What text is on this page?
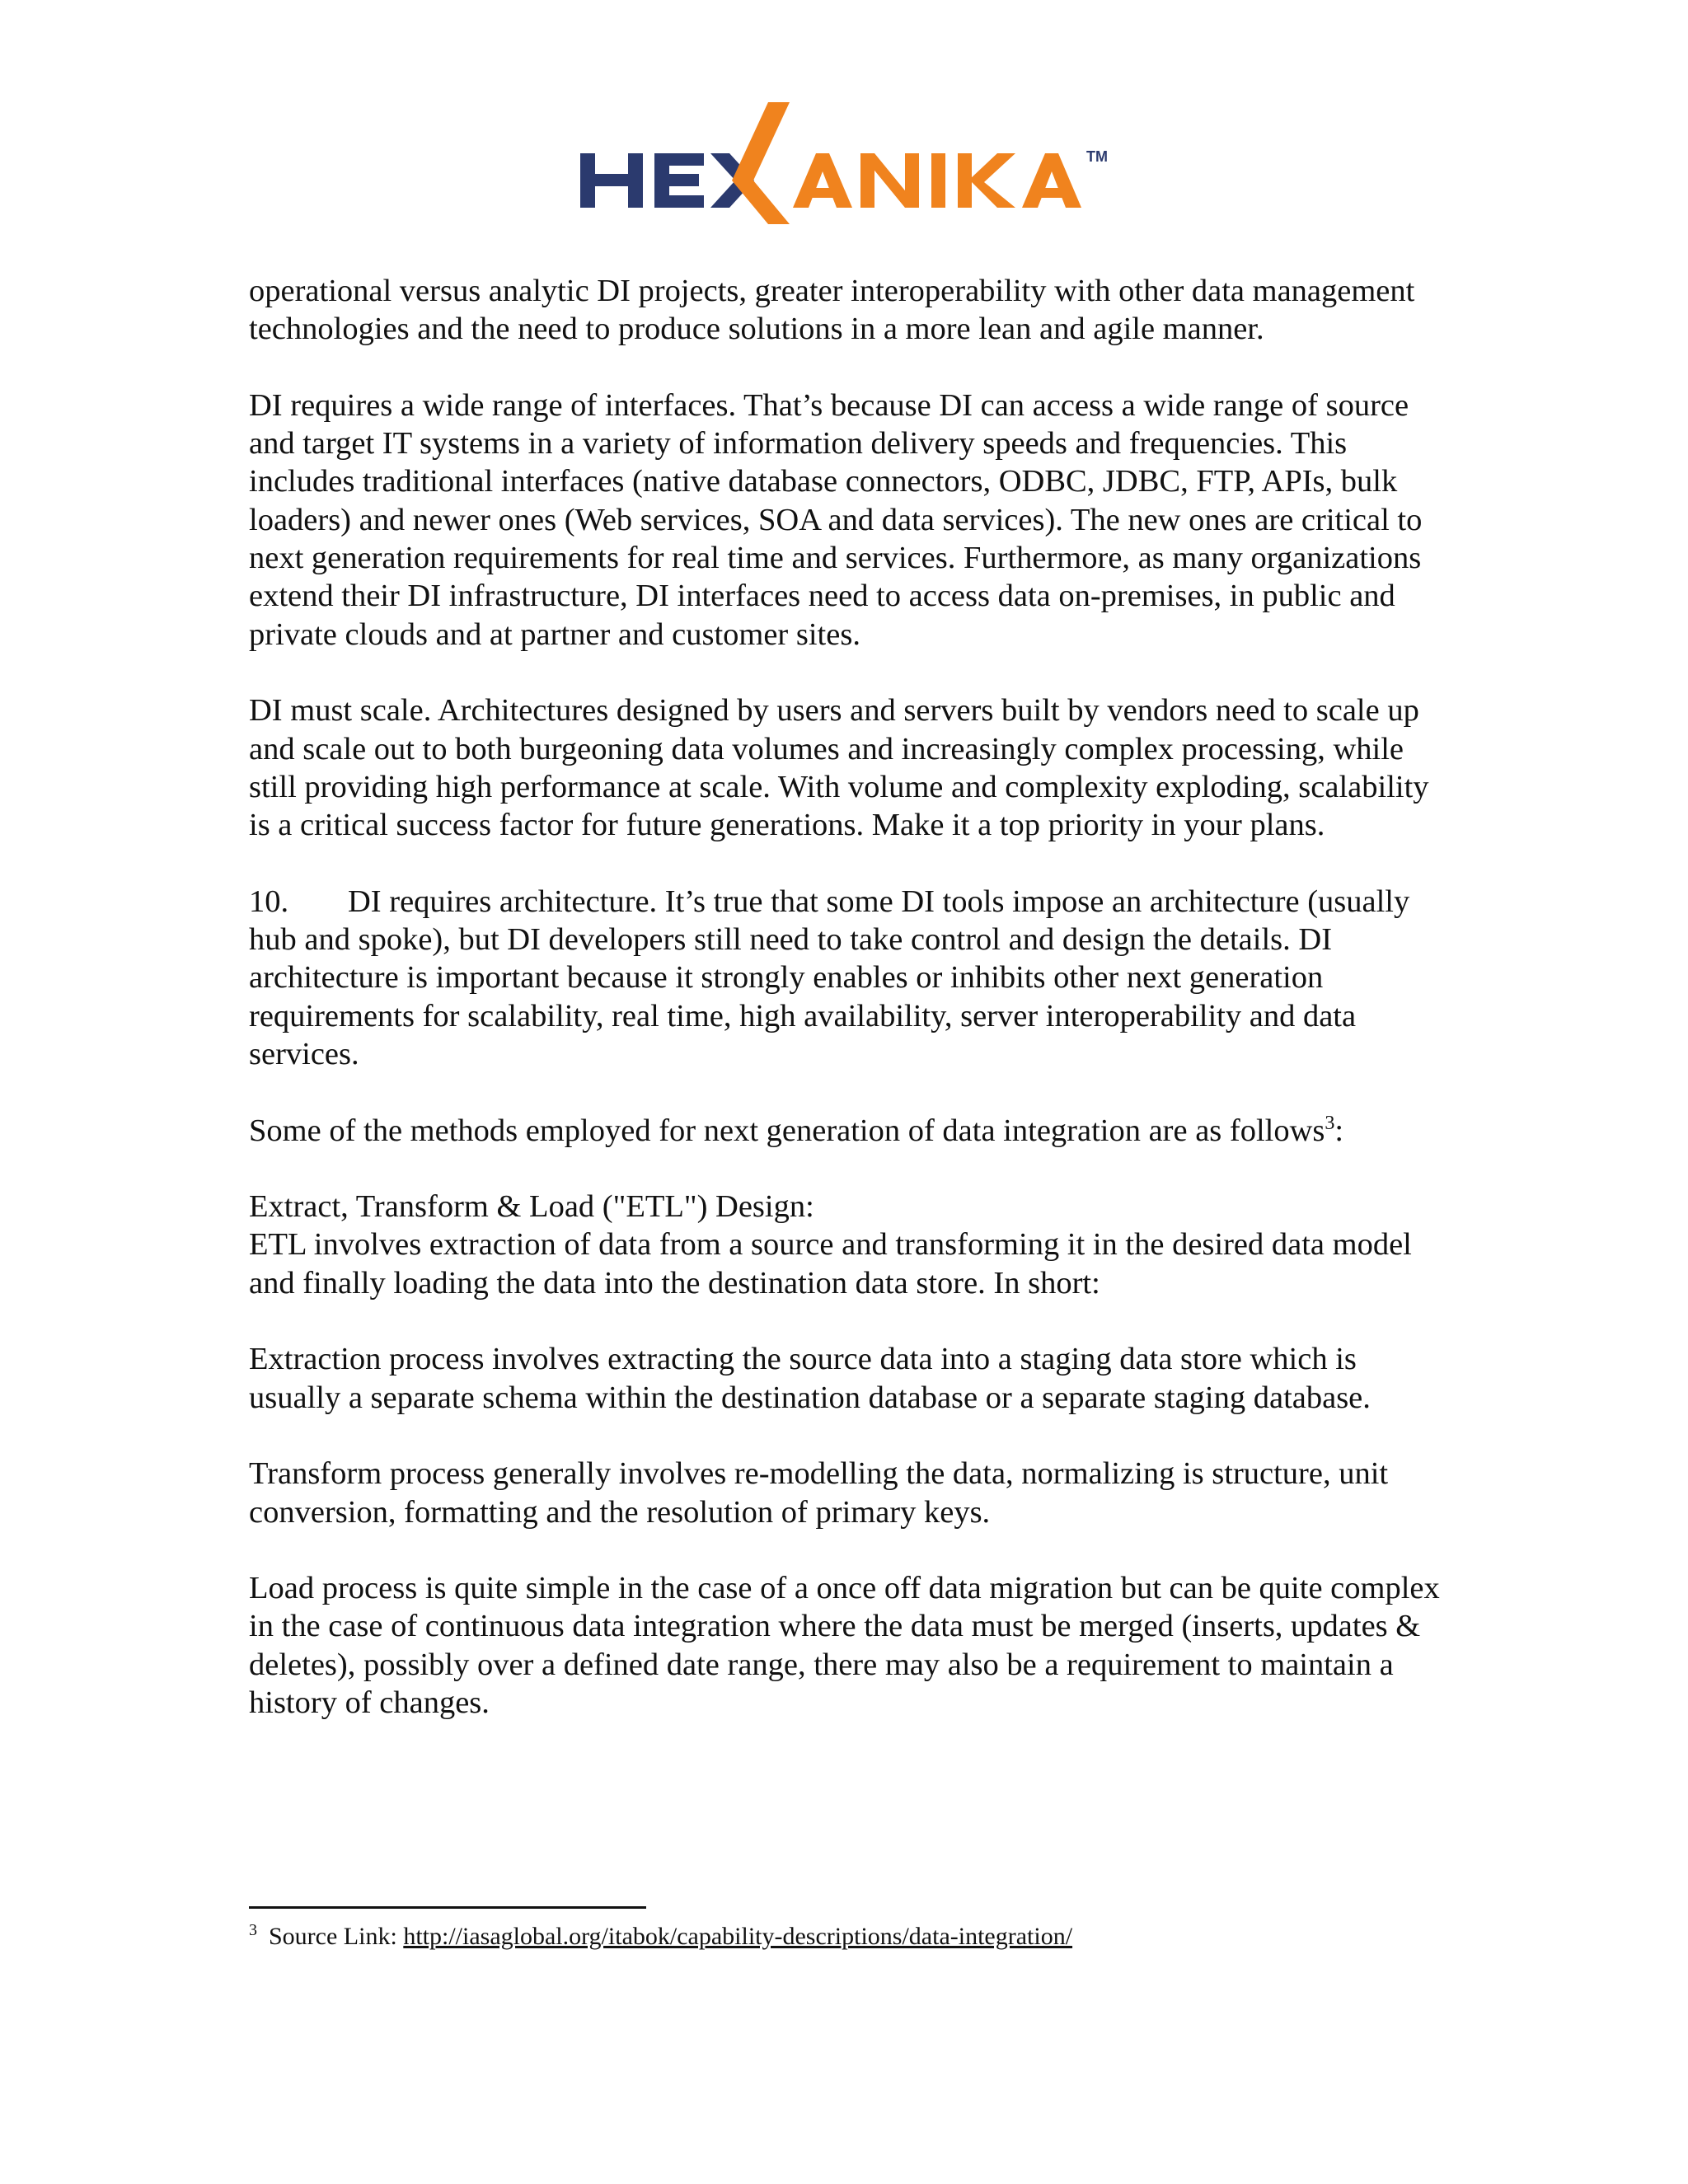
TM

operational versus analytic DI projects, greater interoperability with other data management technologies and the need to produce solutions in a more lean and agile manner.

DI requires a wide range of interfaces. That’s because DI can access a wide range of source and target IT systems in a variety of information delivery speeds and frequencies. This includes traditional interfaces (native database connectors, ODBC, JDBC, FTP, APIs, bulk loaders) and newer ones (Web services, SOA and data services). The new ones are critical to next generation requirements for real time and services. Furthermore, as many organizations extend their DI infrastructure, DI interfaces need to access data on-premises, in public and private clouds and at partner and customer sites.

DI must scale. Architectures designed by users and servers built by vendors need to scale up and scale out to both burgeoning data volumes and increasingly complex processing, while still providing high performance at scale. With volume and complexity exploding, scalability is a critical success factor for future generations. Make it a top priority in your plans.

10. DI requires architecture. It’s true that some DI tools impose an architecture (usually hub and spoke), but DI developers still need to take control and design the details. DI architecture is important because it strongly enables or inhibits other next generation requirements for scalability, real time, high availability, server interoperability and data services.

Some of the methods employed for next generation of data integration are as follows$^3$:

Extract, Transform & Load ("ETL") Design:

ETL involves extraction of data from a source and transforming it in the desired data model and finally loading the data into the destination data store. In short:

Extraction process involves extracting the source data into a staging data store which is usually a separate schema within the destination database or a separate staging database.

Transform process generally involves re-modelling the data, normalizing is structure, unit conversion, formatting and the resolution of primary keys.

Load process is quite simple in the case of a once off data migration but can be quite complex in the case of continuous data integration where the data must be merged (inserts, updates & deletes), possibly over a defined date range, there may also be a requirement to maintain a history of changes.

$^3$ Source Link: http://iasaglobal.org/itabok/capability-descriptions/data-integration/
